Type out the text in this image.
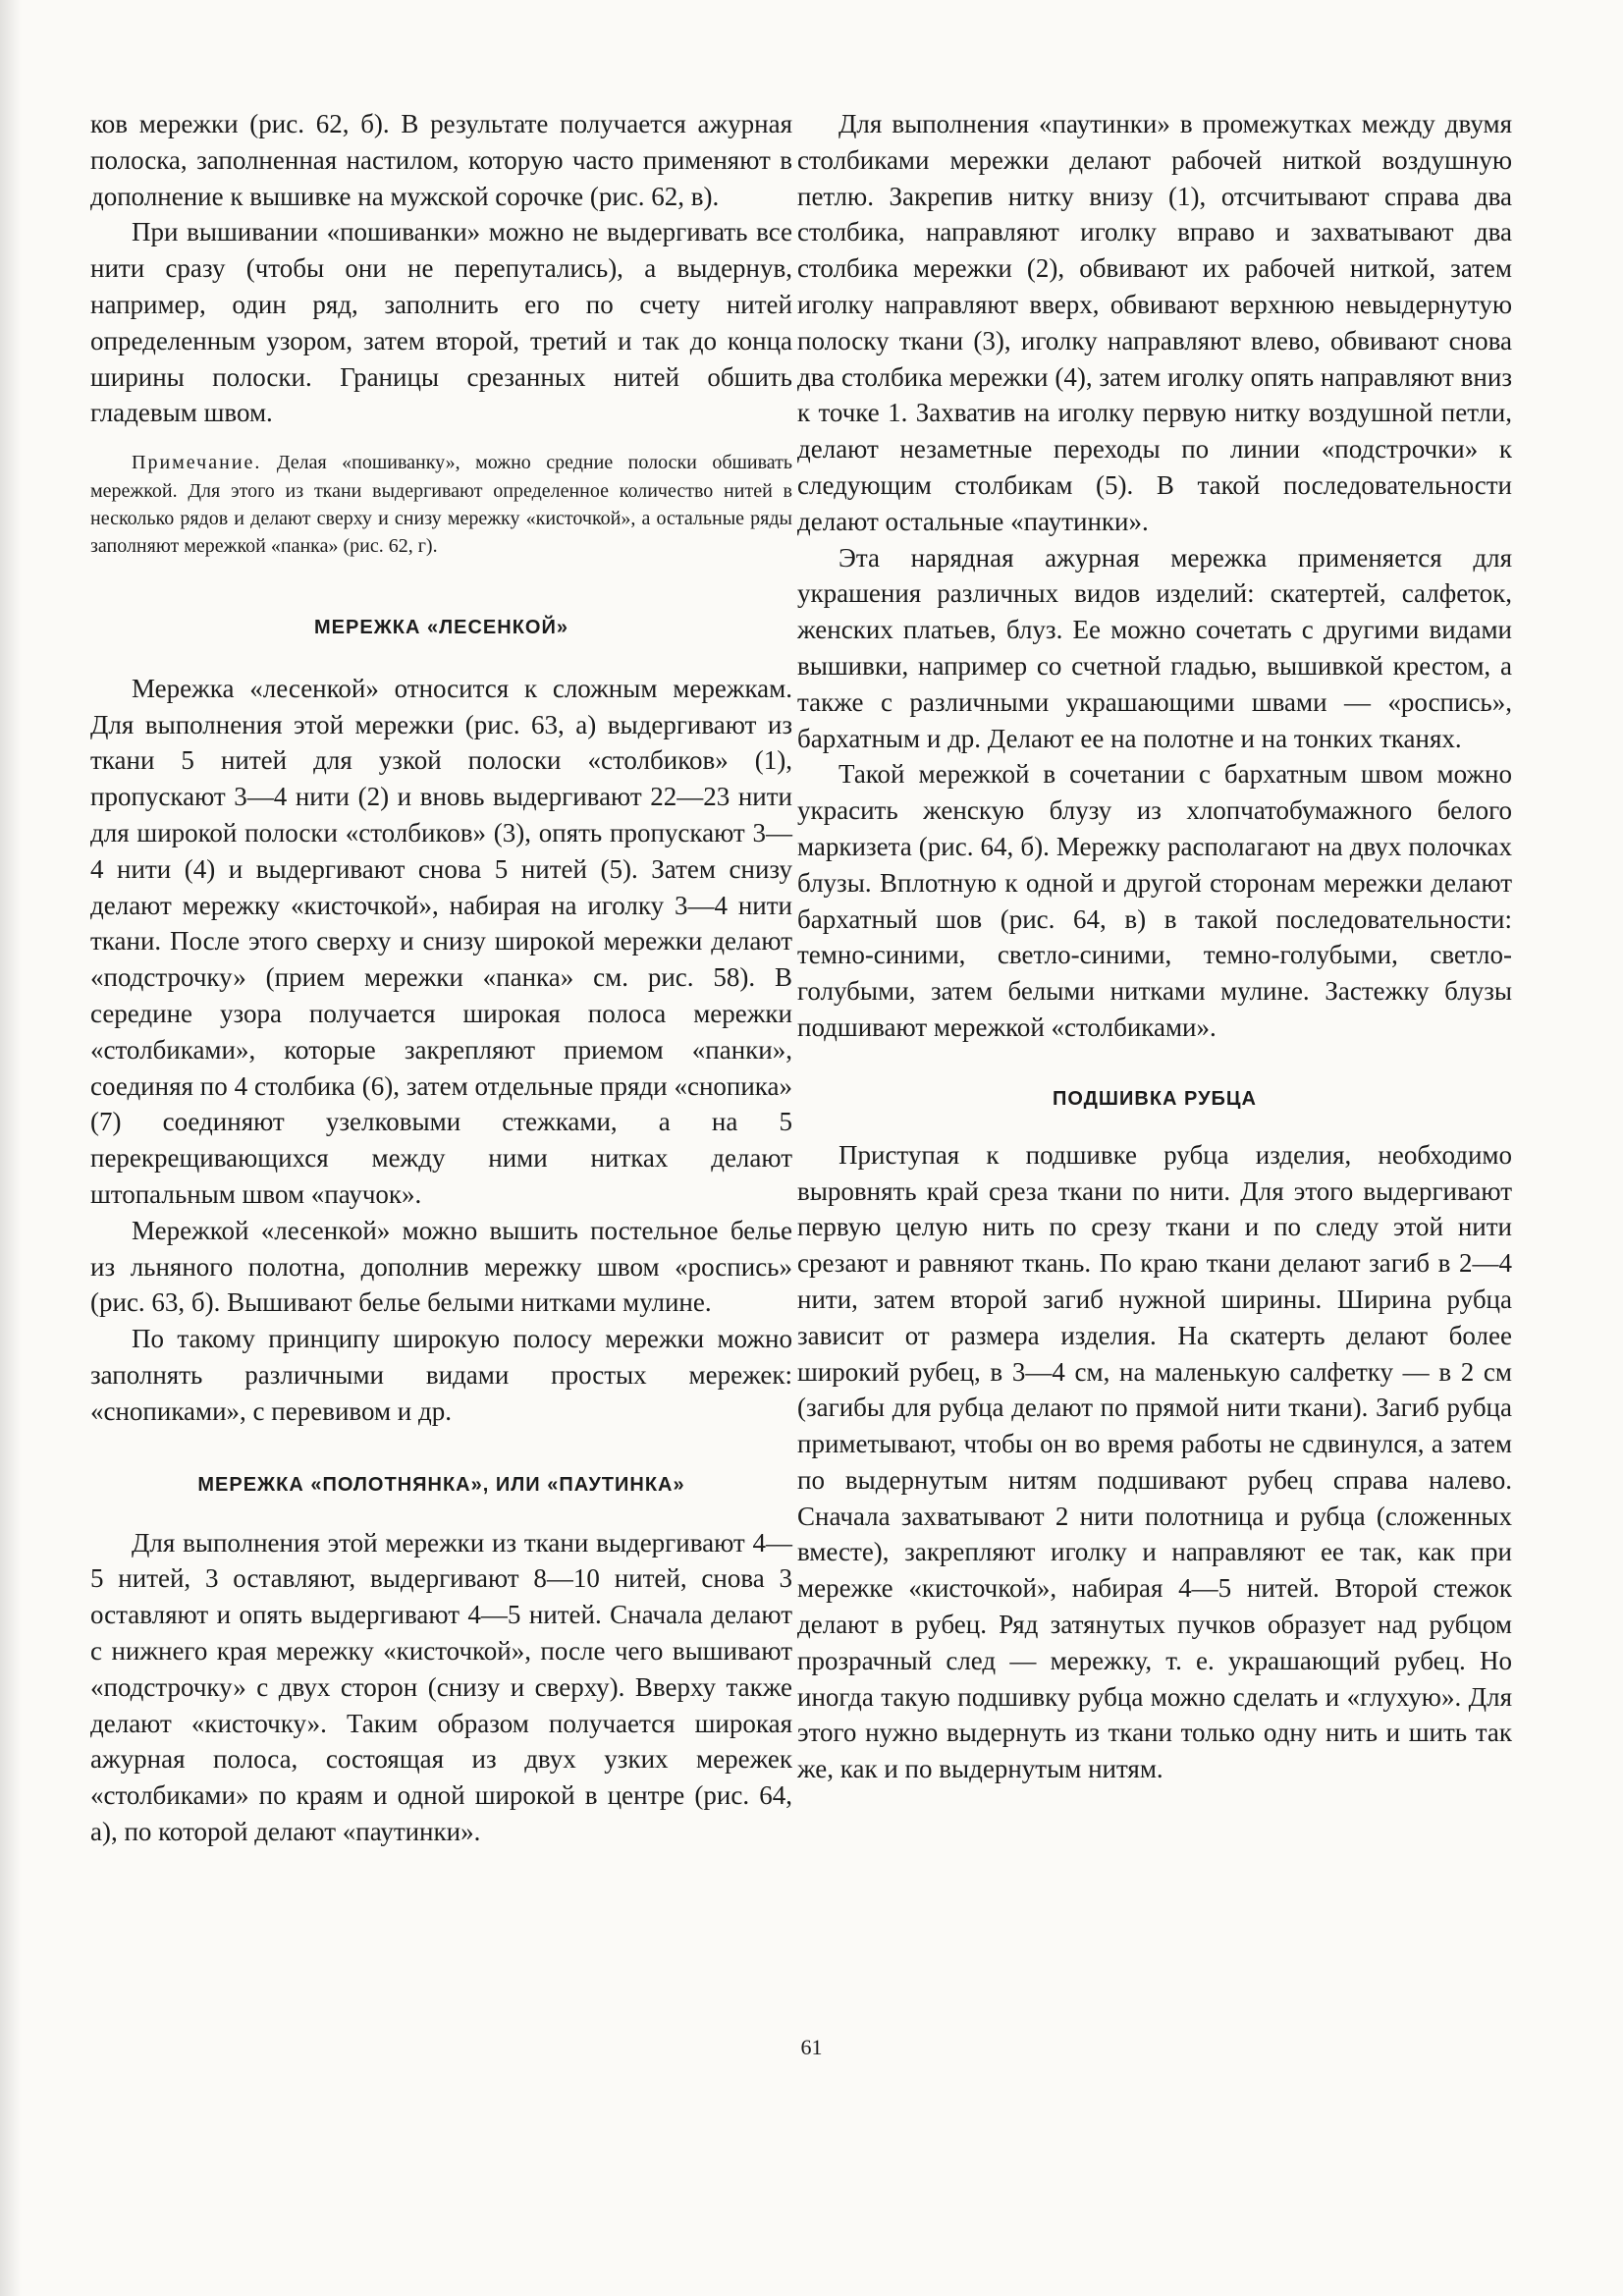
ков мережки (рис. 62, б). В результате получается ажурная полоска, заполненная настилом, которую часто применяют в дополнение к вышивке на мужской сорочке (рис. 62, в).

При вышивании «пошиванки» можно не выдергивать все нити сразу (чтобы они не перепутались), а выдернув, например, один ряд, заполнить его по счету нитей определенным узором, затем второй, третий и так до конца ширины полоски. Границы срезанных нитей обшить гладевым швом.

Примечание. Делая «пошиванку», можно средние полоски обшивать мережкой. Для этого из ткани выдергивают определенное количество нитей в несколько рядов и делают сверху и снизу мережку «кисточкой», а остальные ряды заполняют мережкой «панка» (рис. 62, г).

МЕРЕЖКА «ЛЕСЕНКОЙ»

Мережка «лесенкой» относится к сложным мережкам. Для выполнения этой мережки (рис. 63, а) выдергивают из ткани 5 нитей для узкой полоски «столбиков» (1), пропускают 3—4 нити (2) и вновь выдергивают 22—23 нити для широкой полоски «столбиков» (3), опять пропускают 3—4 нити (4) и выдергивают снова 5 нитей (5). Затем снизу делают мережку «кисточкой», набирая на иголку 3—4 нити ткани. После этого сверху и снизу широкой мережки делают «подстрочку» (прием мережки «панка» см. рис. 58). В середине узора получается широкая полоса мережки «столбиками», которые закрепляют приемом «панки», соединяя по 4 столбика (6), затем отдельные пряди «снопика» (7) соединяют узелковыми стежками, а на 5 перекрещивающихся между ними нитках делают штопальным швом «паучок».

Мережкой «лесенкой» можно вышить постельное белье из льняного полотна, дополнив мережку швом «роспись» (рис. 63, б). Вышивают белье белыми нитками мулине.

По такому принципу широкую полосу мережки можно заполнять различными видами простых мережек: «снопиками», с перевивом и др.

МЕРЕЖКА «ПОЛОТНЯНКА», ИЛИ «ПАУТИНКА»

Для выполнения этой мережки из ткани выдергивают 4—5 нитей, 3 оставляют, выдергивают 8—10 нитей, снова 3 оставляют и опять выдергивают 4—5 нитей. Сначала делают с нижнего края мережку «кисточкой», после чего вышивают «подстрочку» с двух сторон (снизу и сверху). Вверху также делают «кисточку». Таким образом получается широкая ажурная полоса, состоящая из двух узких мережек «столбиками» по краям и одной широкой в центре (рис. 64, а), по которой делают «паутинки».

Для выполнения «паутинки» в промежутках между двумя столбиками мережки делают рабочей ниткой воздушную петлю. Закрепив нитку внизу (1), отсчитывают справа два столбика, направляют иголку вправо и захватывают два столбика мережки (2), обвивают их рабочей ниткой, затем иголку направляют вверх, обвивают верхнюю невыдернутую полоску ткани (3), иголку направляют влево, обвивают снова два столбика мережки (4), затем иголку опять направляют вниз к точке 1. Захватив на иголку первую нитку воздушной петли, делают незаметные переходы по линии «подстрочки» к следующим столбикам (5). В такой последовательности делают остальные «паутинки».

Эта нарядная ажурная мережка применяется для украшения различных видов изделий: скатертей, салфеток, женских платьев, блуз. Ее можно сочетать с другими видами вышивки, например со счетной гладью, вышивкой крестом, а также с различными украшающими швами — «роспись», бархатным и др. Делают ее на полотне и на тонких тканях.

Такой мережкой в сочетании с бархатным швом можно украсить женскую блузу из хлопчатобумажного белого маркизета (рис. 64, б). Мережку располагают на двух полочках блузы. Вплотную к одной и другой сторонам мережки делают бархатный шов (рис. 64, в) в такой последовательности: темно-синими, светло-синими, темно-голубыми, светло-голубыми, затем белыми нитками мулине. Застежку блузы подшивают мережкой «столбиками».

ПОДШИВКА РУБЦА

Приступая к подшивке рубца изделия, необходимо выровнять край среза ткани по нити. Для этого выдергивают первую целую нить по срезу ткани и по следу этой нити срезают и равняют ткань. По краю ткани делают загиб в 2—4 нити, затем второй загиб нужной ширины. Ширина рубца зависит от размера изделия. На скатерть делают более широкий рубец, в 3—4 см, на маленькую салфетку — в 2 см (загибы для рубца делают по прямой нити ткани). Загиб рубца приметывают, чтобы он во время работы не сдвинулся, а затем по выдернутым нитям подшивают рубец справа налево. Сначала захватывают 2 нити полотница и рубца (сложенных вместе), закрепляют иголку и направляют ее так, как при мережке «кисточкой», набирая 4—5 нитей. Второй стежок делают в рубец. Ряд затянутых пучков образует над рубцом прозрачный след — мережку, т. е. украшающий рубец. Но иногда такую подшивку рубца можно сделать и «глухую». Для этого нужно выдернуть из ткани только одну нить и шить так же, как и по выдернутым нитям.

61
